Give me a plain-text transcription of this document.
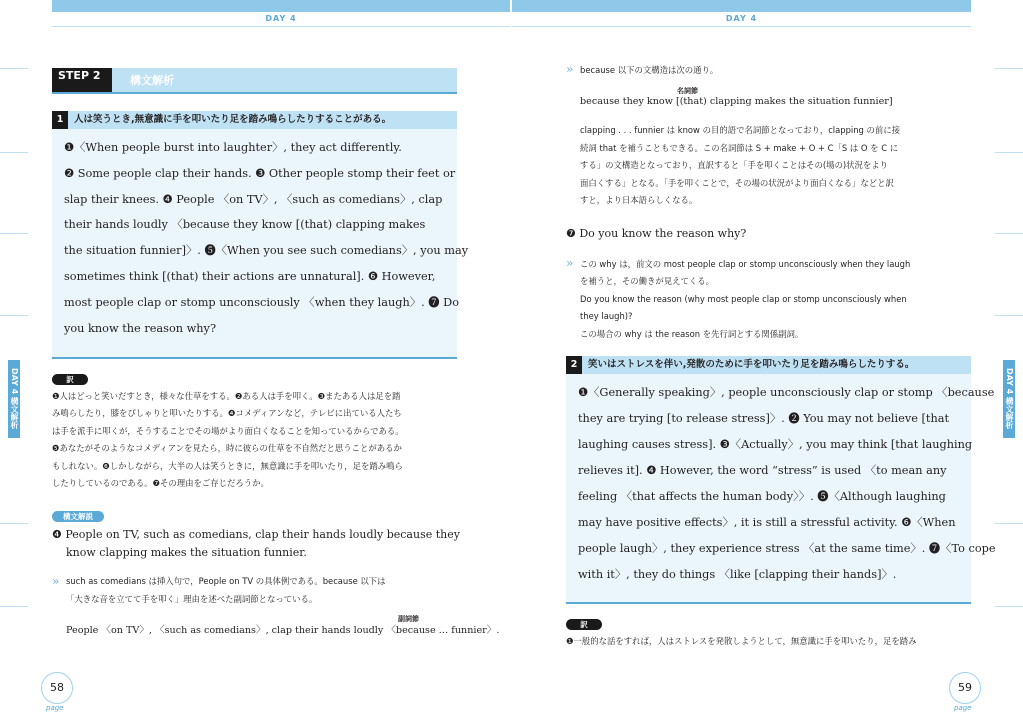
DAY 4	DAY 4
DAY 4 構文解析
DAY 4 構文解析
STEP 2	構文解析
1 人は笑うとき,無意識に手を叩いたり足を踏み鳴らしたりすることがある。
❶〈When people burst into laughter〉, they act differently.
❷ Some people clap their hands. ❸ Other people stomp their feet or
slap their knees. ❹ People 〈on TV〉, 〈such as comedians〉, clap
their hands loudly 〈because they know [(that) clapping makes
the situation funnier]〉. ❺〈When you see such comedians〉, you may
sometimes think [(that) their actions are unnatural]. ❻ However,
most people clap or stomp unconsciously 〈when they laugh〉. ❼ Do
you know the reason why?
訳
❶人はどっと笑いだすとき，様々な仕草をする。❷ある人は手を叩く。❸またある人は足を踏
み鳴らしたり，膝をぴしゃりと叩いたりする。❹コメディアンなど，テレビに出ている人たち
は手を派手に叩くが，そうすることでその場がより面白くなることを知っているからである。
❺あなたがそのようなコメディアンを見たら，時に彼らの仕草を不自然だと思うことがあるか
もしれない。❻しかしながら，大半の人は笑うときに，無意識に手を叩いたり，足を踏み鳴ら
したりしているのである。❼その理由をご存じだろうか。
構文解説
❹ People on TV, such as comedians, clap their hands loudly because they
know clapping makes the situation funnier.
» such as comedians は挿入句で，People on TV の具体例である。because 以下は
「大きな音を立てて手を叩く」理由を述べた副詞節となっている。
副詞節
People 〈on TV〉, 〈such as comedians〉, clap their hands loudly 〈because … funnier〉.
» because 以下の文構造は次の通り。
名詞節
because they know [(that) clapping makes the situation funnier]
clapping . . . funnier は know の目的語で名詞節となっており，clapping の前に接
続詞 that を補うこともできる。この名詞節は S + make + O + C「S は O を C に
する」の文構造となっており，直訳すると「手を叩くことはその(場の)状況をより
面白くする」となる。「手を叩くことで，その場の状況がより面白くなる」などと訳
すと，より日本語らしくなる。
❼ Do you know the reason why?
» この why は，前文の most people clap or stomp unconsciously when they laugh
を補うと，その働きが見えてくる。
Do you know the reason (why most people clap or stomp unconsciously when
they laugh)?
この場合の why は the reason を先行詞とする関係副詞。
2 笑いはストレスを伴い,発散のために手を叩いたり足を踏み鳴らしたりする。
❶〈Generally speaking〉, people unconsciously clap or stomp 〈because
they are trying [to release stress]〉. ❷ You may not believe [that
laughing causes stress]. ❸〈Actually〉, you may think [that laughing
relieves it]. ❹ However, the word “stress” is used 〈to mean any
feeling 〈that affects the human body〉〉. ❺〈Although laughing
may have positive effects〉, it is still a stressful activity. ❻〈When
people laugh〉, they experience stress 〈at the same time〉. ❼〈To cope
with it〉, they do things 〈like [clapping their hands]〉.
訳
❶一般的な話をすれば，人はストレスを発散しようとして，無意識に手を叩いたり，足を踏み
58
page
59
page
